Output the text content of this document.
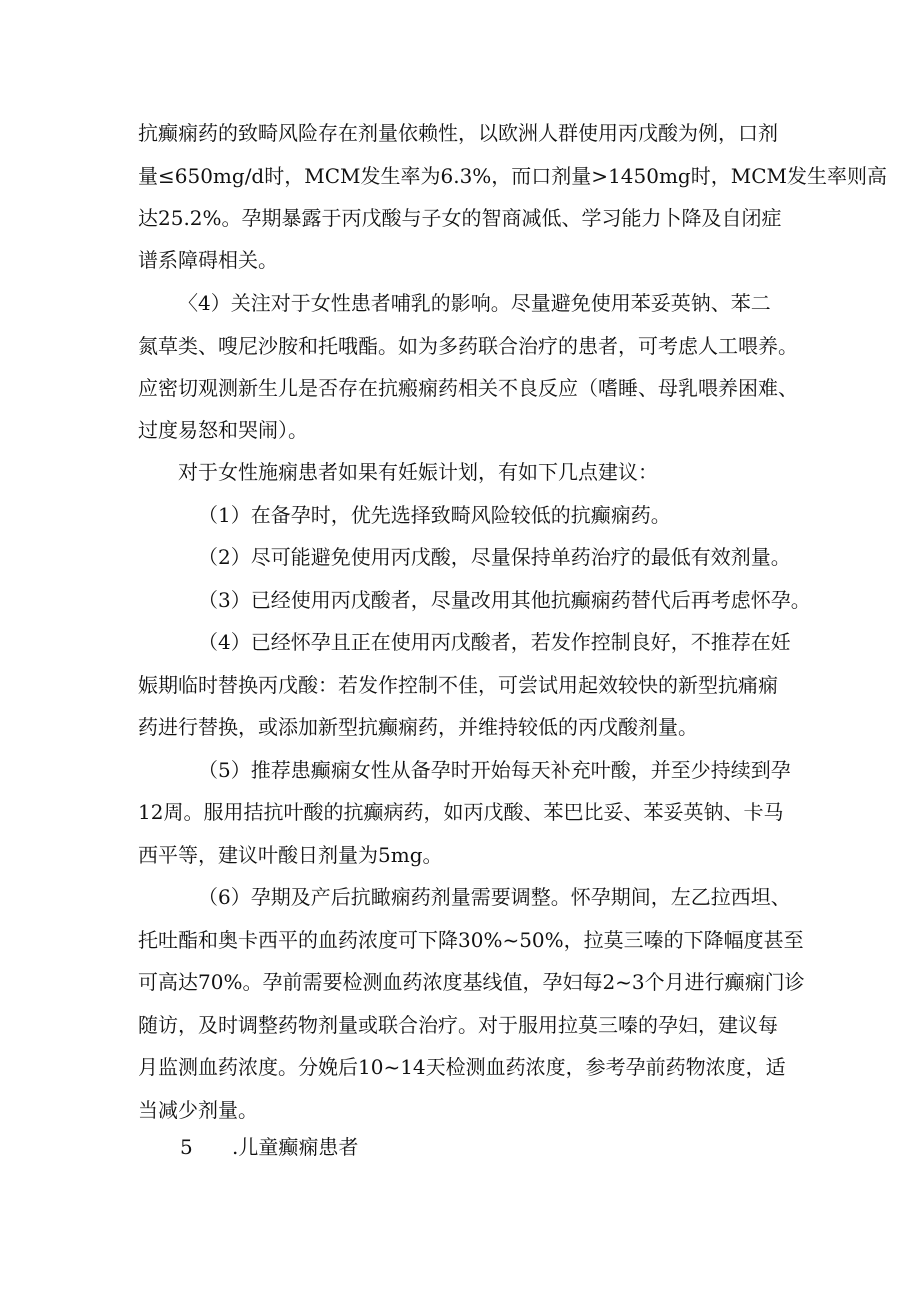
抗癫痫药的致畸风险存在剂量依赖性，以欧洲人群使用丙戊酸为例，口剂
量≤650mg/d时，MCM发生率为6.3%，而口剂量>1450mg时，MCM发生率则高
达25.2%。孕期暴露于丙戊酸与子女的智商减低、学习能力卜降及自闭症
谱系障碍相关。
〈4）关注对于女性患者哺乳的影响。尽量避免使用苯妥英钠、苯二
氮草类、嗖尼沙胺和托哦酯。如为多药联合治疗的患者，可考虑人工喂养。
应密切观测新生儿是否存在抗瘢痫药相关不良反应（嗜睡、母乳喂养困难、
过度易怒和哭闹）。
对于女性施痫患者如果有妊娠计划，有如下几点建议：
（1）在备孕时，优先选择致畸风险较低的抗癫痫药。
（2）尽可能避免使用丙戊酸，尽量保持单药治疗的最低有效剂量。
（3）已经使用丙戊酸者，尽量改用其他抗癫痫药替代后再考虑怀孕。
（4）已经怀孕且正在使用丙戊酸者，若发作控制良好，不推荐在妊
娠期临时替换丙戊酸：若发作控制不佳，可尝试用起效较快的新型抗痛痫
药进行替换，或添加新型抗癫痫药，并维持较低的丙戊酸剂量。
（5）推荐患癫痫女性从备孕时开始每天补充叶酸，并至少持续到孕
12周。服用拮抗叶酸的抗癫病药，如丙戊酸、苯巴比妥、苯妥英钠、卡马
西平等，建议叶酸日剂量为5mg。
（6）孕期及产后抗瞰痫药剂量需要调整。怀孕期间，左乙拉西坦、
托吐酯和奥卡西平的血药浓度可下降30%~50%，拉莫三嗪的下降幅度甚至
可高达70%。孕前需要检测血药浓度基线值，孕妇每2~3个月进行癫痫门诊
随访，及时调整药物剂量或联合治疗。对于服用拉莫三嗪的孕妇，建议每
月监测血药浓度。分娩后10~14天检测血药浓度，参考孕前药物浓度，适
当减少剂量。
5 .儿童癫痫患者
